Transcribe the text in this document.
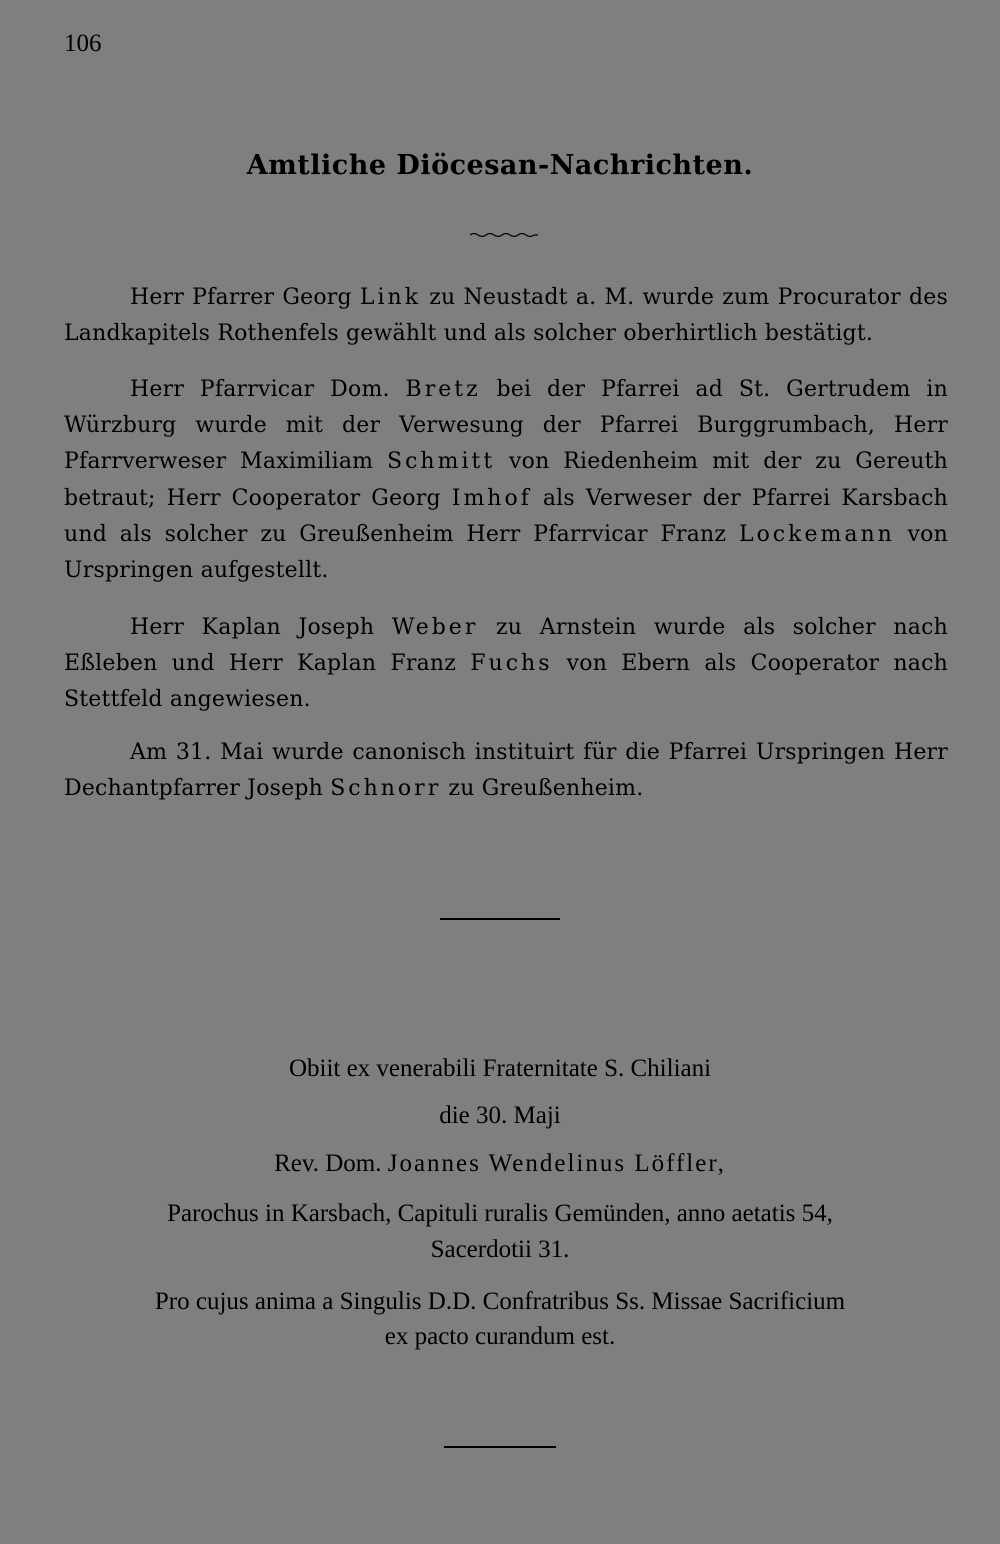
106
Amtliche Diöcesan-Nachrichten.
Herr Pfarrer Georg Link zu Neustadt a. M. wurde zum Procurator des Landkapitels Rothenfels gewählt und als solcher oberhirtlich bestätigt.
Herr Pfarrvicar Dom. Bretz bei der Pfarrei ad St. Gertrudem in Würzburg wurde mit der Verwesung der Pfarrei Burggrumbach, Herr Pfarrverweser Maximiliam Schmitt von Riedenheim mit der zu Gereuth betraut; Herr Cooperator Georg Imhof als Verweser der Pfarrei Karsbach und als solcher zu Greußenheim Herr Pfarrvicar Franz Lockemann von Urspringen aufgestellt.
Herr Kaplan Joseph Weber zu Arnstein wurde als solcher nach Eßleben und Herr Kaplan Franz Fuchs von Ebern als Cooperator nach Stettfeld angewiesen.
Am 31. Mai wurde canonisch instituirt für die Pfarrei Urspringen Herr Dechantpfarrer Joseph Schnorr zu Greußenheim.
Obiit ex venerabili Fraternitate S. Chiliani
die 30. Maji
Rev. Dom. Joannes Wendelinus Löffler,
Parochus in Karsbach, Capituli ruralis Gemünden, anno aetatis 54,
Sacerdotii 31.
Pro cujus anima a Singulis D.D. Confratribus Ss. Missae Sacrificium
ex pacto curandum est.
